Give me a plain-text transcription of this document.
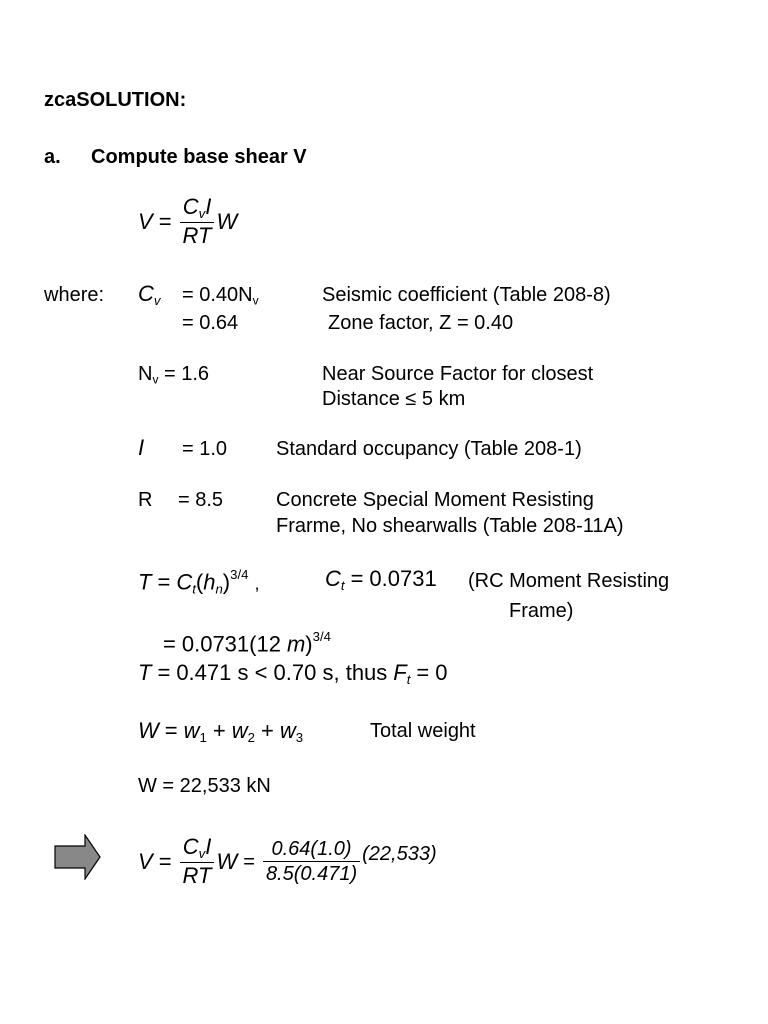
zcaSOLUTION:
a. Compute base shear V
$V = \frac{C_vI}{RT}$ W
where: $C_v = 0.40N_v$	Seismic coefficient (Table 208-8)
= 0.64	Zone factor, Z = 0.40
$N_v = 1.6$	Near Source Factor for closest
Distance ≤ 5 km
I = 1.0 Standard occupancy (Table 208-1)
R = 8.5	Concrete Special Moment Resisting
Frarme, No shearwalls (Table 208-11A)
$T = C_t(h_n)^{3/4}$ ,	$C_t = 0.0731$ (RC Moment Resisting
Frame)
= 0.0731(12 m)$^{3/4}$
T = 0.471 s < 0.70 s, thus $F_t = 0$
$W = w_1 + w_2 + w_3$	Total weight
W = 22,533 kN
$V = \frac{C_vI}{RT}$ $W = \frac{0.64(1.0)}{8.5(0.471)} (22,533)$
